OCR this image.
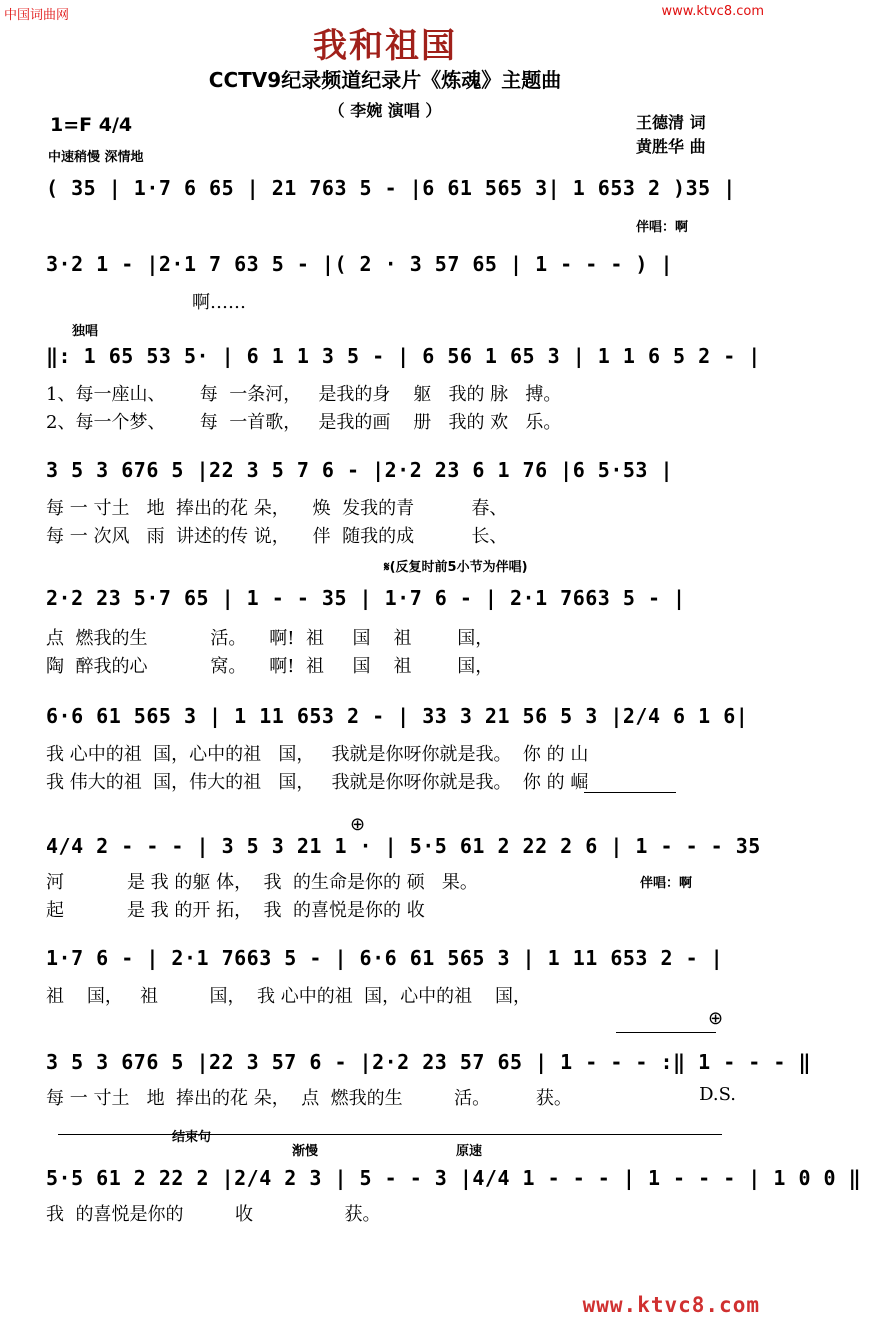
中国词曲网	www.ktvc8.com
我和祖国
CCTV9纪录频道纪录片《炼魂》主题曲
（ 李婉 演唱 ）
1=F 4/4
中速稍慢 深情地
王德清 词
黄胜华 曲
( 35 | 1·7 6 65 | 21 763 5 - |6 61 565 3| 1 653 2 )35 |
伴唱：啊
3·2 1 - |2·1 7 63 5 - |( 2 · 3 57 65 | 1 - - - ) |
啊……
独唱
‖: 1 65 53 5· | 6 1 1 3 5 - | 6 56 1 65 3 | 1 1 6 5 2 - |
1、每一座山、      每  一条河，   是我的身    躯   我的 脉   搏。
2、每一个梦、      每  一首歌，   是我的画    册   我的 欢   乐。
3 5 3 676 5 |22 3 5 7 6 - |2·2 23 6 1 76 |6 5·53 |
每 一 寸土   地  捧出的花 朵，    焕  发我的青          春、
每 一 次风   雨  讲述的传 说，    伴  随我的成          长、
𝄋(反复时前5小节为伴唱)
2·2 23 5·7 65 | 1 - - 35 | 1·7 6 - | 2·1 7663 5 - |
点  燃我的生           活。    啊!  祖     国    祖        国，
陶  醉我的心           窝。    啊!  祖     国    祖        国，
6·6 61 565 3 | 1 11 653 2 - | 33 3 21 56 5 3 |2/4 6 1 6|
我 心中的祖  国，心中的祖   国，   我就是你呀你就是我。  你 的 山
我 伟大的祖  国，伟大的祖   国，   我就是你呀你就是我。  你 的 崛
⊕
4/4 2 - - - | 3 5 3 21 1 · | 5·5 61 2 22 2 6 | 1 - - - 35
河           是 我 的躯 体，  我  的生命是你的 硕   果。
起           是 我 的开 拓，  我  的喜悦是你的 收
伴唱：啊
1·7 6 - | 2·1 7663 5 - | 6·6 61 565 3 | 1 11 653 2 - |
祖    国，   祖         国，  我 心中的祖  国，心中的祖    国，
⊕
3 5 3 676 5 |22 3 57 6 - |2·2 23 57 65 | 1 - - - :‖ 1 - - - ‖
每 一 寸土   地  捧出的花 朵，  点  燃我的生         活。        获。	D.S.
结束句
渐慢	原速
5·5 61 2 22 2 |2/4 2 3 | 5 - - 3 |4/4 1 - - - | 1 - - - | 1 0 0 ‖
我  的喜悦是你的         收                获。
www.ktvc8.com
